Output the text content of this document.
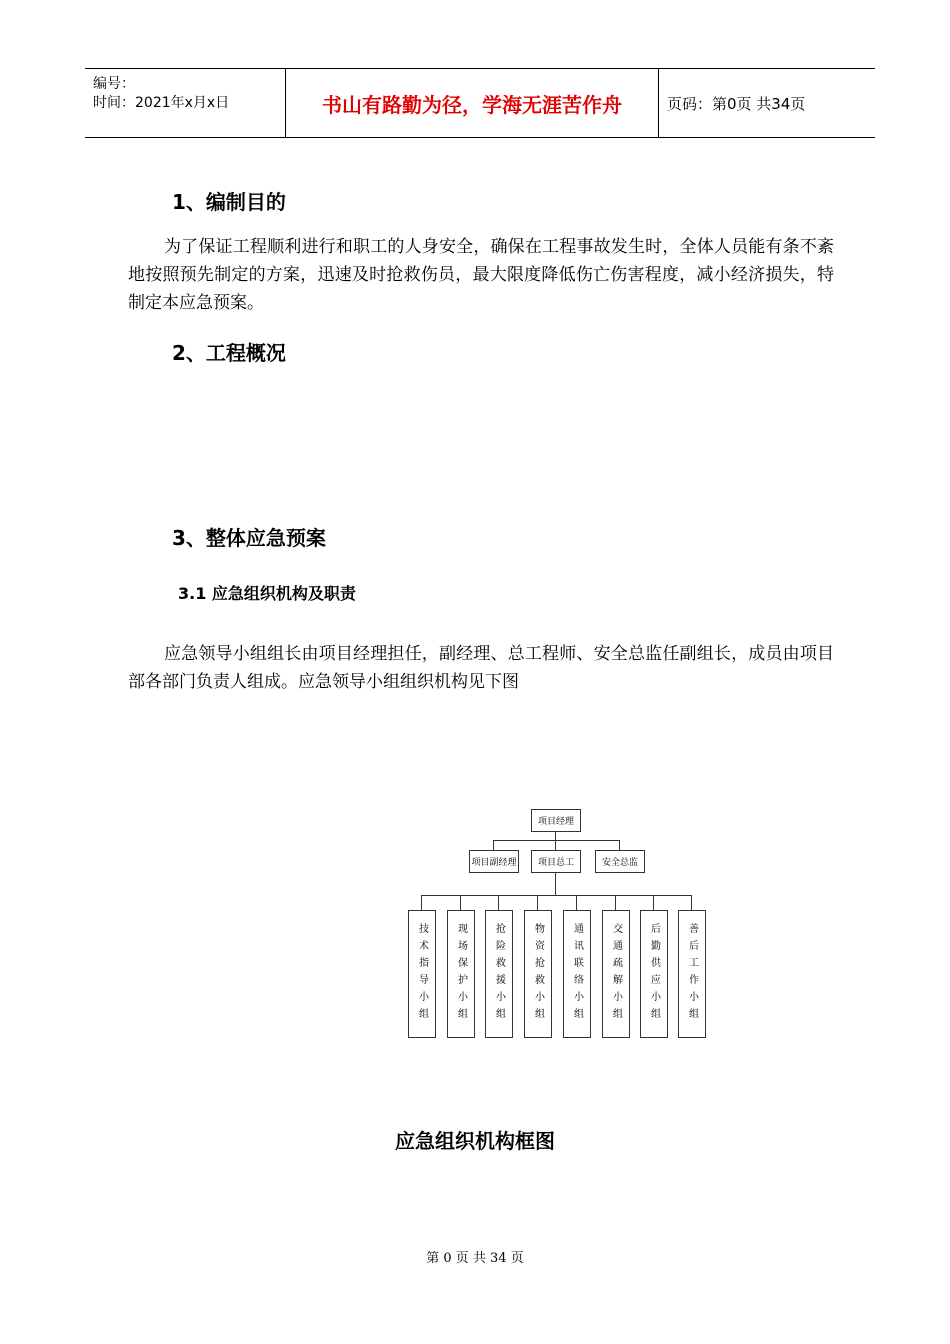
编号：
时间：2021年x月x日	书山有路勤为径，学海无涯苦作舟	页码：第0页 共34页
1、编制目的
为了保证工程顺利进行和职工的人身安全，确保在工程事故发生时，全体人员能有条不紊地按照预先制定的方案，迅速及时抢救伤员，最大限度降低伤亡伤害程度，减小经济损失，特制定本应急预案。
2、工程概况
3、整体应急预案
3.1 应急组织机构及职责
应急领导小组组长由项目经理担任，副经理、总工程师、安全总监任副组长，成员由项目部各部门负责人组成。应急领导小组组织机构见下图
项目经理
项目副经理	项目总工	安全总监
技术指导小组	现场保护小组	抢险救援小组	物资抢救小组	通讯联络小组	交通疏解小组	后勤供应小组	善后工作小组
应急组织机构框图
第 0 页 共 34 页
